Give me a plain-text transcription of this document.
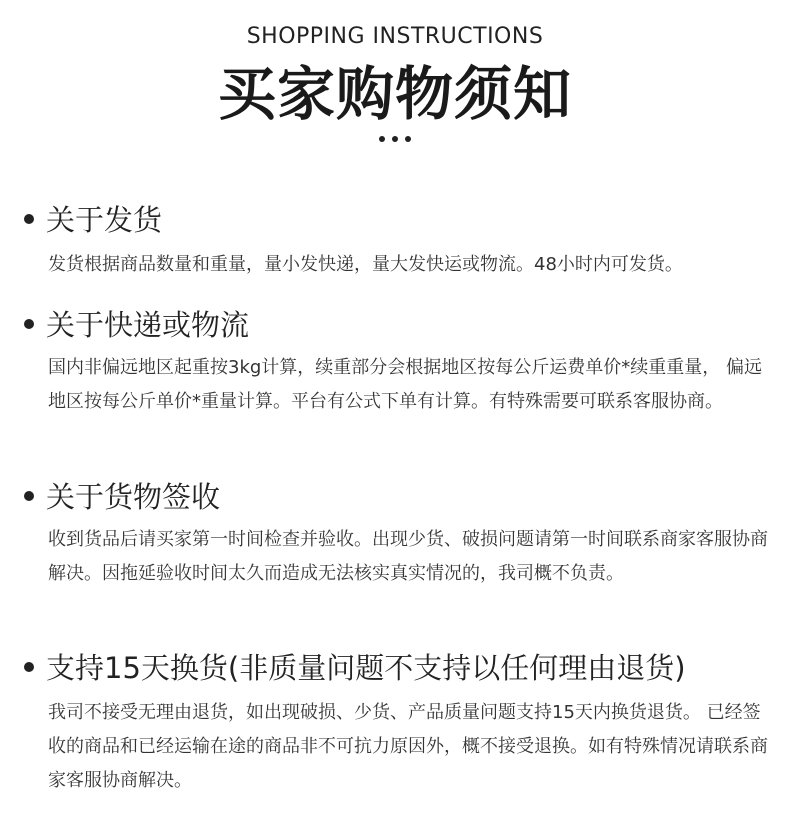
SHOPPING INSTRUCTIONS
买家购物须知
关于发货
发货根据商品数量和重量，量小发快递，量大发快运或物流。48小时内可发货。
关于快递或物流
国内非偏远地区起重按3kg计算，续重部分会根据地区按每公斤运费单价*续重重量， 偏远地区按每公斤单价*重量计算。平台有公式下单有计算。有特殊需要可联系客服协商。
关于货物签收
收到货品后请买家第一时间检查并验收。出现少货、破损问题请第一时间联系商家客服协商解决。因拖延验收时间太久而造成无法核实真实情况的，我司概不负责。
支持15天换货(非质量问题不支持以任何理由退货)
我司不接受无理由退货，如出现破损、少货、产品质量问题支持15天内换货退货。 已经签收的商品和已经运输在途的商品非不可抗力原因外，概不接受退换。如有特殊情况请联系商家客服协商解决。
